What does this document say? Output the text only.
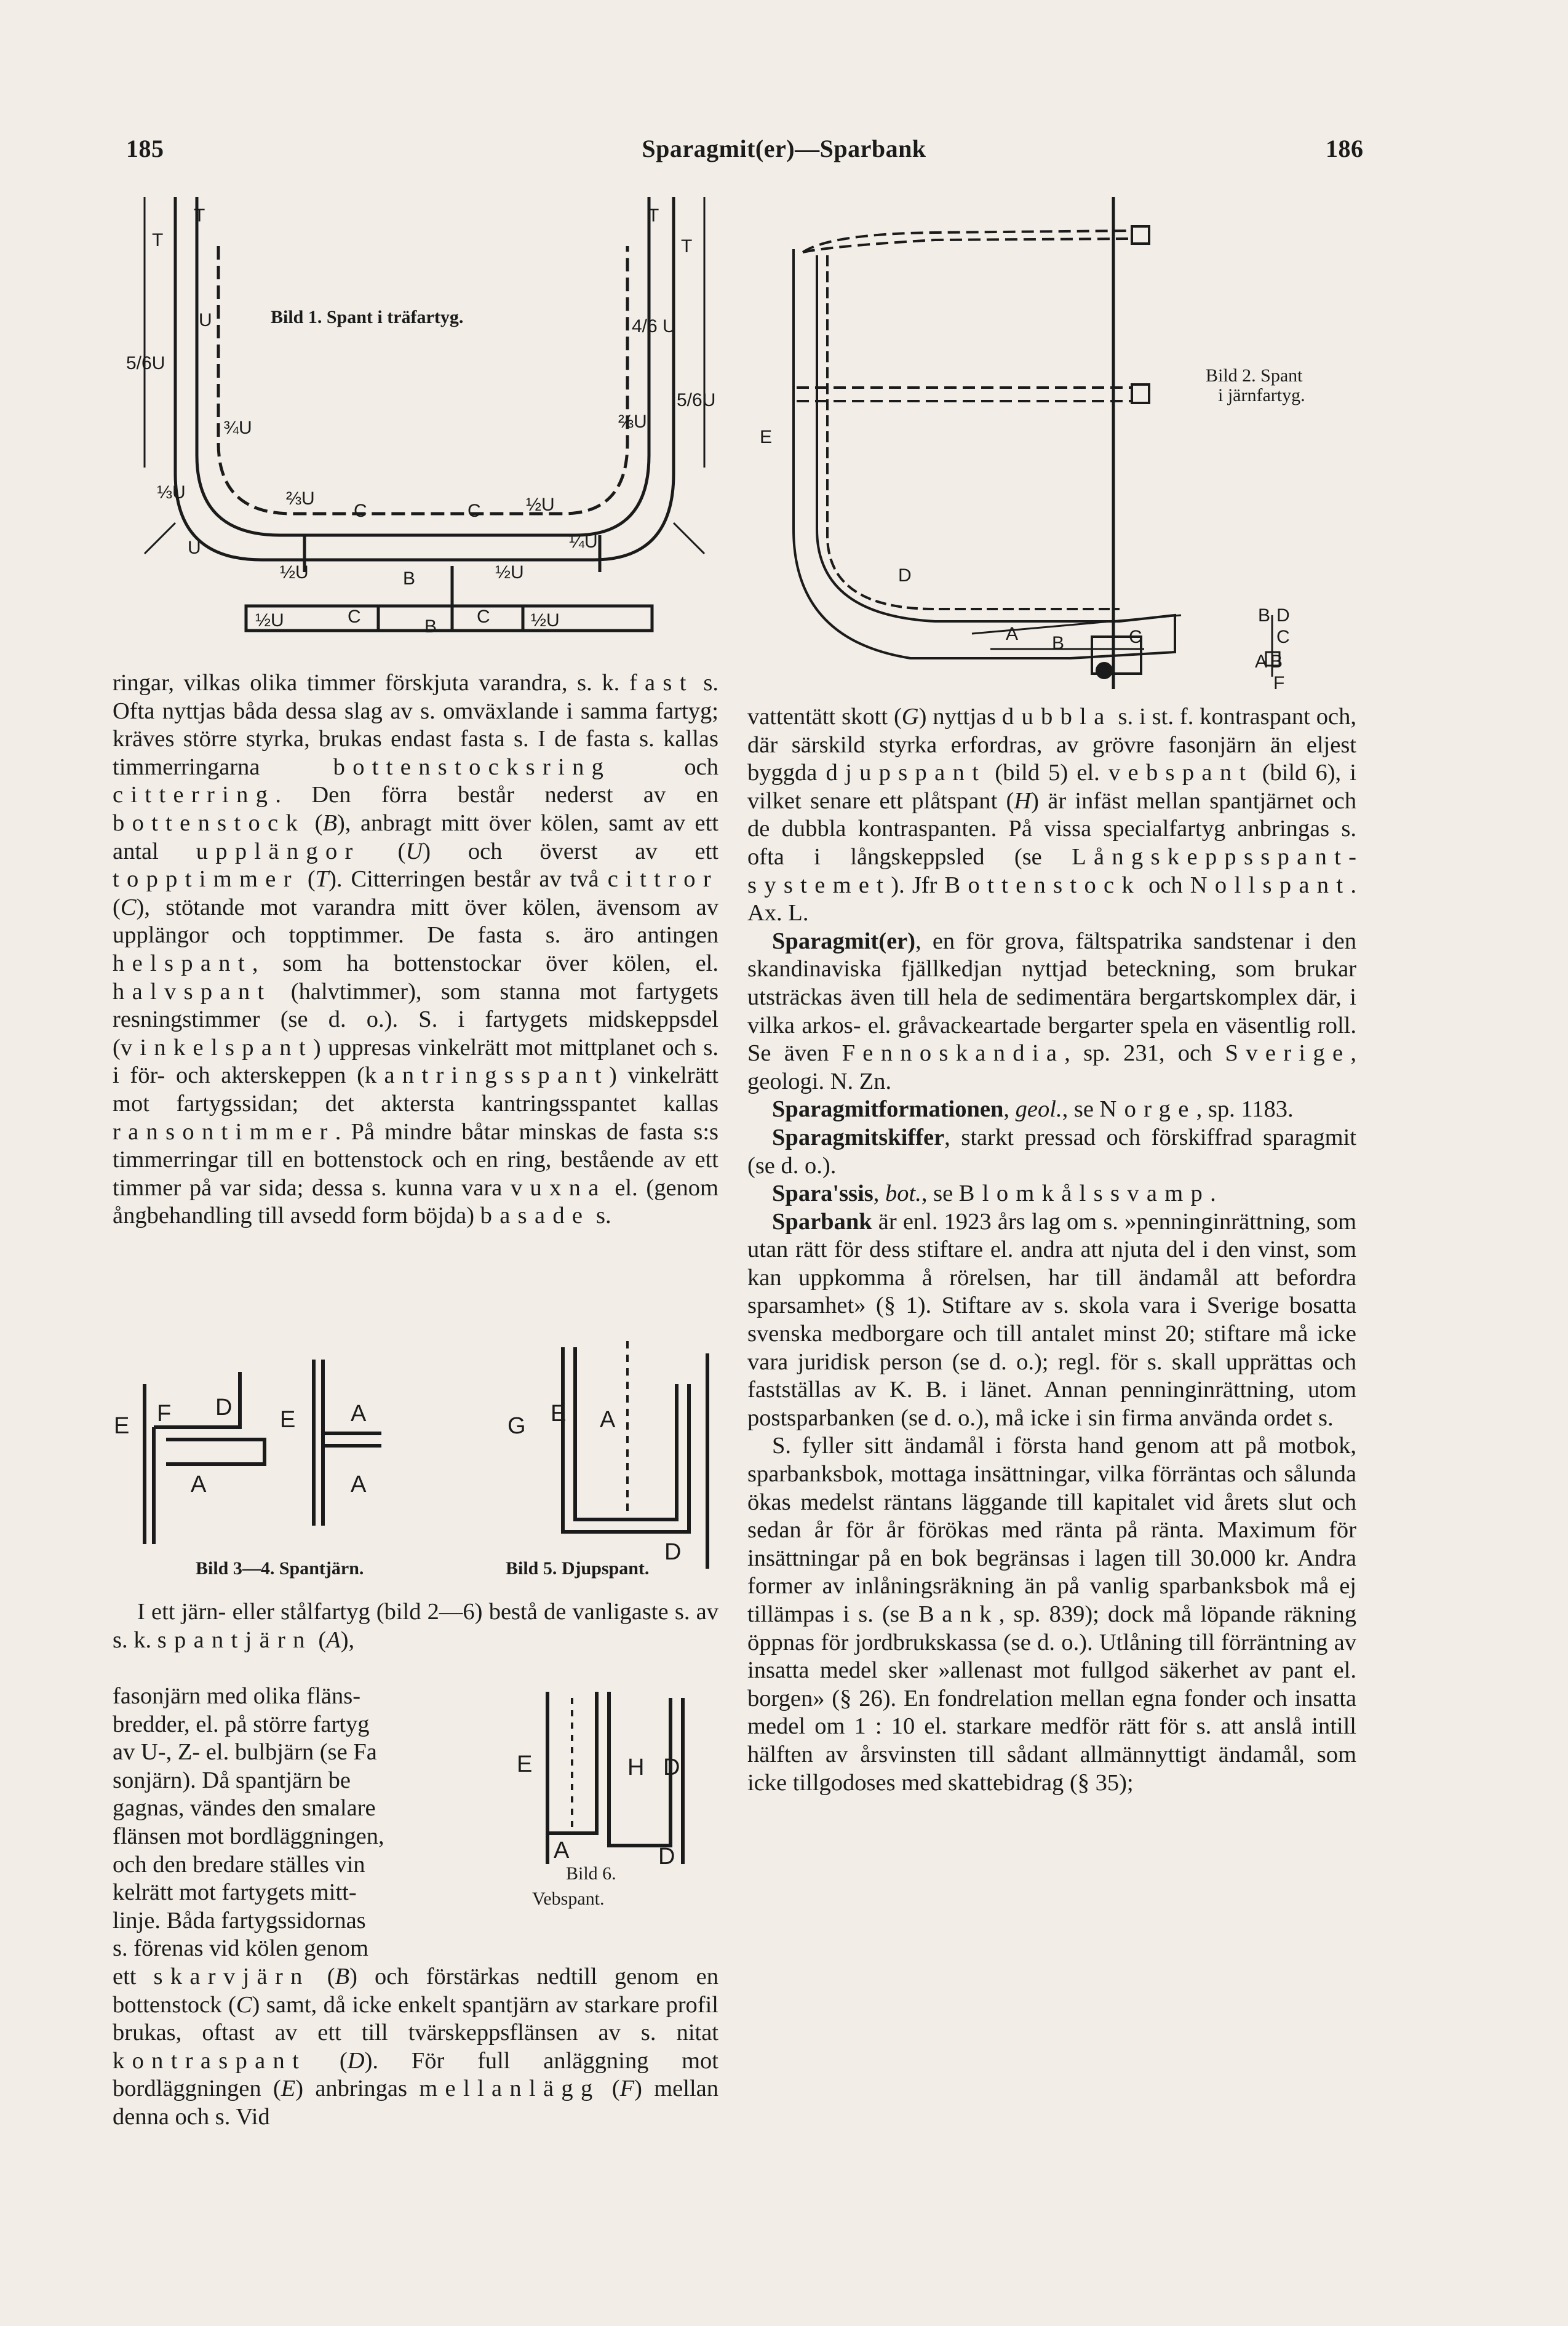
185	Sparagmit(er)—Sparbank	186
T
T	T
T
U
5/6U
4/6 U
5/6U
¾U	⅔U
⅔U
⅓U
C	C ½U
¼U
½U	B	½U
U
C	C
½U	B	½U
Bild 1. Spant i träfartyg.
E
D
A B	C
B D
C
A B
F
Bild 2. Spant
i järnfartyg.

ringar, vilkas olika timmer förskjuta varandra, s. k. fast s. Ofta nyttjas båda dessa slag av s. omväxlande i samma fartyg; kräves större styrka, brukas endast fasta s. I de fasta s. kallas timmerringarna bottenstocksring och citterring. Den förra består nederst av en bottenstock (B), anbragt mitt över kölen, samt av ett antal upplängor (U) och överst av ett topptimmer (T). Citterringen består av två cittror (C), stötande mot varandra mitt över kölen, ävensom av upplängor och topptimmer. De fasta s. äro antingen helspant, som ha bottenstockar över kölen, el. halvspant (halvtimmer), som stanna mot fartygets resningstimmer (se d. o.). S. i fartygets midskeppsdel (vinkelspant) uppresas vinkelrätt mot mittplanet och s. i för- och akterskeppen (kantringsspant) vinkelrätt mot fartygssidan; det aktersta kantringsspantet kallas ransontimmer. På mindre båtar minskas de fasta s:s timmerringar till en bottenstock och en ring, bestående av ett timmer på var sida; dessa s. kunna vara vuxna el. (genom ångbehandling till avsedd form böjda) basade s.

E F D
A
E A
A
G E A
D
Bild 3—4. Spantjärn.	Bild 5. Djupspant.

I ett järn- eller stålfartyg (bild 2—6) bestå de vanligaste s. av s. k. spantjärn (A),

fasonjärn med olika fläns-
bredder, el. på större fartyg
av U-, Z- el. bulbjärn (se Fa
sonjärn). Då spantjärn be
gagnas, vändes den smalare
flänsen mot bordläggningen,
och den bredare ställes vin
kelrätt mot fartygets mitt-
linje. Båda fartygssidornas
s. förenas vid kölen genom
E	H D
A	D
Bild 6.
Vebspant.

ett skarvjärn (B) och förstärkas nedtill genom en bottenstock (C) samt, då icke enkelt spantjärn av starkare profil brukas, oftast av ett till tvärskeppsflänsen av s. nitat kontraspant (D). För full anläggning mot bordläggningen (E) anbringas mellanlägg (F) mellan denna och s. Vid

vattentätt skott (G) nyttjas dubbla s. i st. f. kontraspant och, där särskild styrka erfordras, av grövre fasonjärn än eljest byggda djupspant (bild 5) el. vebspant (bild 6), i vilket senare ett plåtspant (H) är infäst mellan spantjärnet och de dubbla kontraspanten. På vissa specialfartyg anbringas s. ofta i långskeppsled (se Långskeppsspantsystemet). Jfr Bottenstock och Nollspant. Ax. L.

Sparagmit(er), en för grova, fältspatrika sandstenar i den skandinaviska fjällkedjan nyttjad beteckning, som brukar utsträckas även till hela de sedimentära bergartskomplex där, i vilka arkos- el. gråvackeartade bergarter spela en väsentlig roll. Se även Fennoskandia, sp. 231, och Sverige, geologi. N. Zn.

Sparagmitformationen, geol., se Norge, sp. 1183.

Sparagmitskiffer, starkt pressad och förskiffrad sparagmit (se d. o.).

Spara'ssis, bot., se Blomkålssvamp.

Sparbank är enl. 1923 års lag om s. »penninginrättning, som utan rätt för dess stiftare el. andra att njuta del i den vinst, som kan uppkomma å rörelsen, har till ändamål att befordra sparsamhet» (§ 1). Stiftare av s. skola vara i Sverige bosatta svenska medborgare och till antalet minst 20; stiftare må icke vara juridisk person (se d. o.); regl. för s. skall upprättas och fastställas av K. B. i länet. Annan penninginrättning, utom postsparbanken (se d. o.), må icke i sin firma använda ordet s.

S. fyller sitt ändamål i första hand genom att på motbok, sparbanksbok, mottaga insättningar, vilka förräntas och sålunda ökas medelst räntans läggande till kapitalet vid årets slut och sedan år för år förökas med ränta på ränta. Maximum för insättningar på en bok begränsas i lagen till 30.000 kr. Andra former av inlåningsräkning än på vanlig sparbanksbok må ej tillämpas i s. (se Bank, sp. 839); dock må löpande räkning öppnas för jordbrukskassa (se d. o.). Utlåning till förräntning av insatta medel sker »allenast mot fullgod säkerhet av pant el. borgen» (§ 26). En fondrelation mellan egna fonder och insatta medel om 1 : 10 el. starkare medför rätt för s. att anslå intill hälften av årsvinsten till sådant allmännyttigt ändamål, som icke tillgodoses med skattebidrag (§ 35);
